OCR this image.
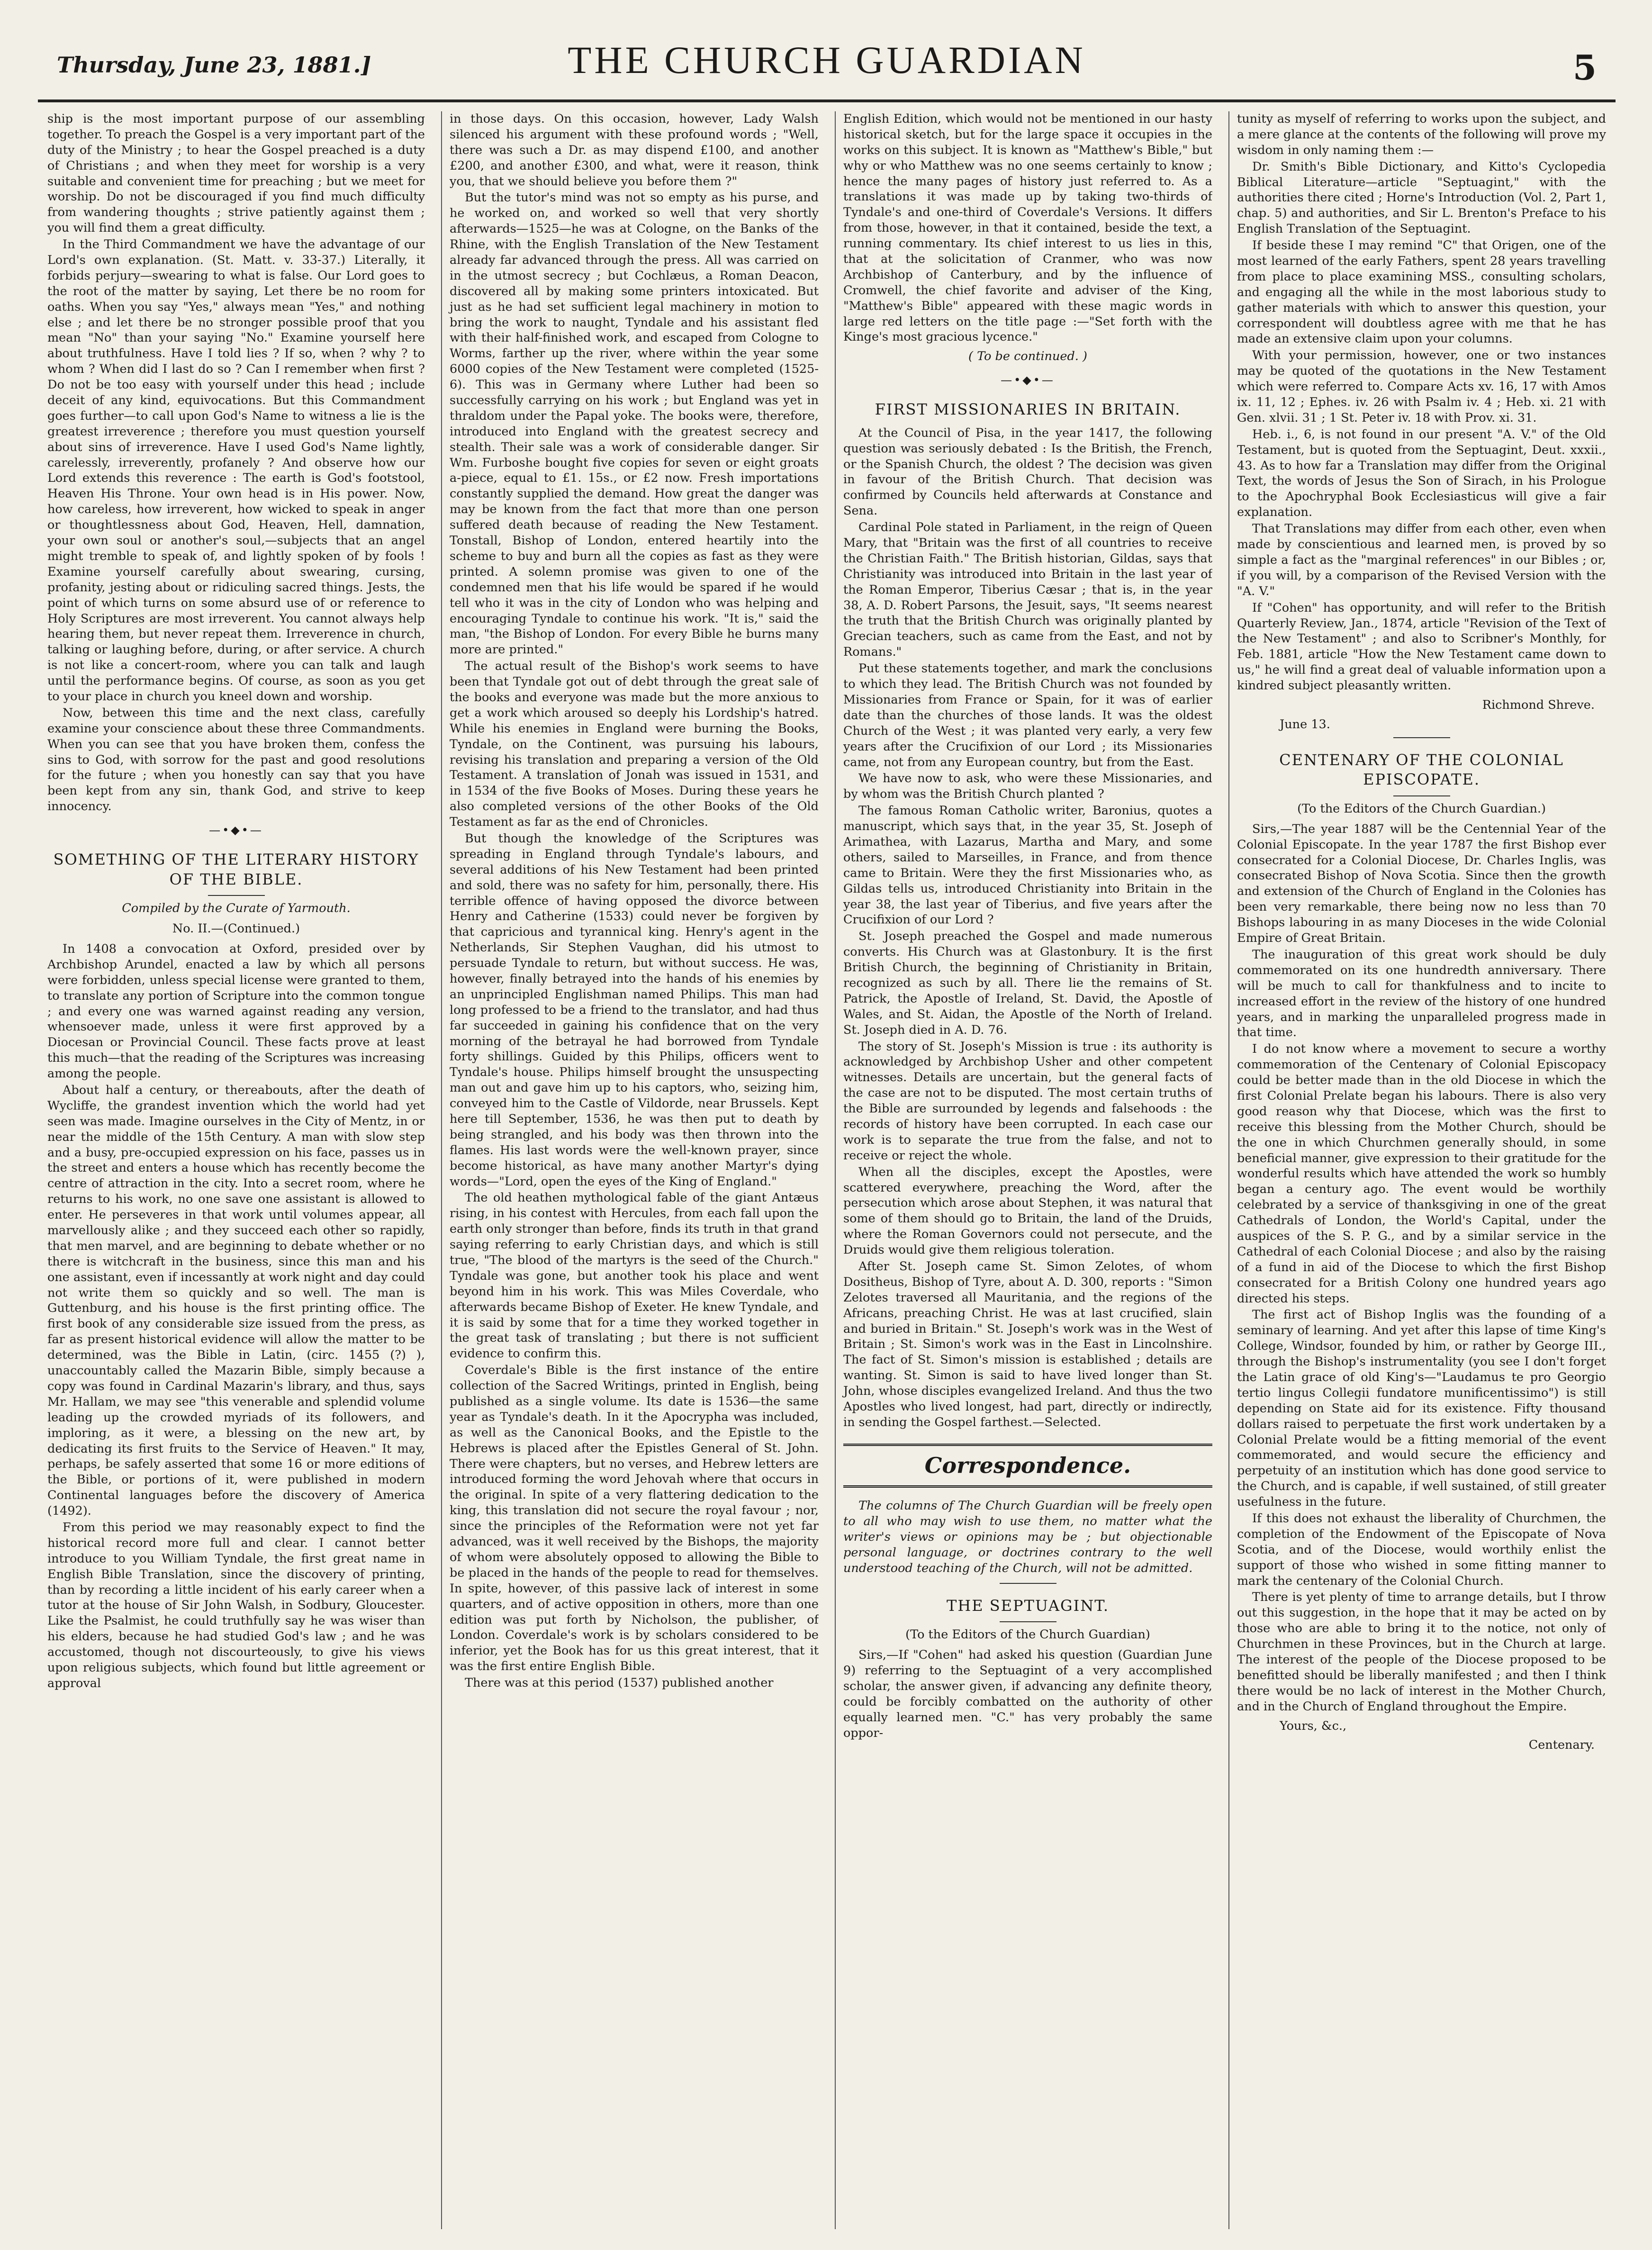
Thursday, June 23, 1881.]	THE CHURCH GUARDIAN	5

ship is the most important purpose of our assembling together. To preach the Gospel is a very important part of the duty of the Ministry ; to hear the Gospel preached is a duty of Christians ; and when they meet for worship is a very suitable and convenient time for preaching ; but we meet for worship. Do not be discouraged if you find much difficulty from wandering thoughts ; strive patiently against them ; you will find them a great difficulty.

In the Third Commandment we have the advantage of our Lord's own explanation. (St. Matt. v. 33-37.) Literally, it forbids perjury—swearing to what is false. Our Lord goes to the root of the matter by saying, Let there be no room for oaths. When you say "Yes," always mean "Yes," and nothing else ; and let there be no stronger possible proof that you mean "No" than your saying "No." Examine yourself here about truthfulness. Have I told lies ? If so, when ? why ? to whom ? When did I last do so ? Can I remember when first ? Do not be too easy with yourself under this head ; include deceit of any kind, equivocations. But this Commandment goes further—to call upon God's Name to witness a lie is the greatest irreverence ; therefore you must question yourself about sins of irreverence. Have I used God's Name lightly, carelessly, irreverently, profanely ? And observe how our Lord extends this reverence : The earth is God's footstool, Heaven His Throne. Your own head is in His power. Now, how careless, how irreverent, how wicked to speak in anger or thoughtlessness about God, Heaven, Hell, damnation, your own soul or another's soul,—subjects that an angel might tremble to speak of, and lightly spoken of by fools ! Examine yourself carefully about swearing, cursing, profanity, jesting about or ridiculing sacred things. Jests, the point of which turns on some absurd use of or reference to Holy Scriptures are most irreverent. You cannot always help hearing them, but never repeat them. Irreverence in church, talking or laughing before, during, or after service. A church is not like a concert-room, where you can talk and laugh until the performance begins. Of course, as soon as you get to your place in church you kneel down and worship.

Now, between this time and the next class, carefully examine your conscience about these three Commandments. When you can see that you have broken them, confess the sins to God, with sorrow for the past and good resolutions for the future ; when you honestly can say that you have been kept from any sin, thank God, and strive to keep innocency.

—•◆•—
SOMETHING OF THE LITERARY HISTORY OF THE BIBLE.
Compiled by the Curate of Yarmouth.
No. II.—(Continued.)

In 1408 a convocation at Oxford, presided over by Archbishop Arundel, enacted a law by which all persons were forbidden, unless special license were granted to them, to translate any portion of Scripture into the common tongue ; and every one was warned against reading any version, whensoever made, unless it were first approved by a Diocesan or Provincial Council. These facts prove at least this much—that the reading of the Scriptures was increasing among the people.

About half a century, or thereabouts, after the death of Wycliffe, the grandest invention which the world had yet seen was made. Imagine ourselves in the City of Mentz, in or near the middle of the 15th Century. A man with slow step and a busy, pre-occupied expression on his face, passes us in the street and enters a house which has recently become the centre of attraction in the city. Into a secret room, where he returns to his work, no one save one assistant is allowed to enter. He perseveres in that work until volumes appear, all marvellously alike ; and they succeed each other so rapidly, that men marvel, and are beginning to debate whether or no there is witchcraft in the business, since this man and his one assistant, even if incessantly at work night and day could not write them so quickly and so well. The man is Guttenburg, and his house is the first printing office. The first book of any considerable size issued from the press, as far as present historical evidence will allow the matter to be determined, was the Bible in Latin, (circ. 1455 (?) ), unaccountably called the Mazarin Bible, simply because a copy was found in Cardinal Mazarin's library, and thus, says Mr. Hallam, we may see "this venerable and splendid volume leading up the crowded myriads of its followers, and imploring, as it were, a blessing on the new art, by dedicating its first fruits to the Service of Heaven." It may, perhaps, be safely asserted that some 16 or more editions of the Bible, or portions of it, were published in modern Continental languages before the discovery of America (1492).

From this period we may reasonably expect to find the historical record more full and clear. I cannot better introduce to you William Tyndale, the first great name in English Bible Translation, since the discovery of printing, than by recording a little incident of his early career when a tutor at the house of Sir John Walsh, in Sodbury, Gloucester. Like the Psalmist, he could truthfully say he was wiser than his elders, because he had studied God's law ; and he was accustomed, though not discourteously, to give his views upon religious subjects, which found but little agreement or approval

in those days. On this occasion, however, Lady Walsh silenced his argument with these profound words ; "Well, there was such a Dr. as may dispend £100, and another £200, and another £300, and what, were it reason, think you, that we should believe you before them ?"

But the tutor's mind was not so empty as his purse, and he worked on, and worked so well that very shortly afterwards—1525—he was at Cologne, on the Banks of the Rhine, with the English Translation of the New Testament already far advanced through the press. All was carried on in the utmost secrecy ; but Cochlæus, a Roman Deacon, discovered all by making some printers intoxicated. But just as he had set sufficient legal machinery in motion to bring the work to naught, Tyndale and his assistant fled with their half-finished work, and escaped from Cologne to Worms, farther up the river, where within the year some 6000 copies of the New Testament were completed (1525-6). This was in Germany where Luther had been so successfully carrying on his work ; but England was yet in thraldom under the Papal yoke. The books were, therefore, introduced into England with the greatest secrecy and stealth. Their sale was a work of considerable danger. Sir Wm. Furboshe bought five copies for seven or eight groats a-piece, equal to £1. 15s., or £2 now. Fresh importations constantly supplied the demand. How great the danger was may be known from the fact that more than one person suffered death because of reading the New Testament. Tonstall, Bishop of London, entered heartily into the scheme to buy and burn all the copies as fast as they were printed. A solemn promise was given to one of the condemned men that his life would be spared if he would tell who it was in the city of London who was helping and encouraging Tyndale to continue his work. "It is," said the man, "the Bishop of London. For every Bible he burns many more are printed."

The actual result of the Bishop's work seems to have been that Tyndale got out of debt through the great sale of the books and everyone was made but the more anxious to get a work which aroused so deeply his Lordship's hatred. While his enemies in England were burning the Books, Tyndale, on the Continent, was pursuing his labours, revising his translation and preparing a version of the Old Testament. A translation of Jonah was issued in 1531, and in 1534 of the five Books of Moses. During these years he also completed versions of the other Books of the Old Testament as far as the end of Chronicles.

But though the knowledge of the Scriptures was spreading in England through Tyndale's labours, and several additions of his New Testament had been printed and sold, there was no safety for him, personally, there. His terrible offence of having opposed the divorce between Henry and Catherine (1533) could never be forgiven by that capricious and tyrannical king. Henry's agent in the Netherlands, Sir Stephen Vaughan, did his utmost to persuade Tyndale to return, but without success. He was, however, finally betrayed into the hands of his enemies by an unprincipled Englishman named Philips. This man had long professed to be a friend to the translator, and had thus far succeeded in gaining his confidence that on the very morning of the betrayal he had borrowed from Tyndale forty shillings. Guided by this Philips, officers went to Tyndale's house. Philips himself brought the unsuspecting man out and gave him up to his captors, who, seizing him, conveyed him to the Castle of Vildorde, near Brussels. Kept here till September, 1536, he was then put to death by being strangled, and his body was then thrown into the flames. His last words were the well-known prayer, since become historical, as have many another Martyr's dying words—"Lord, open the eyes of the King of England."

The old heathen mythological fable of the giant Antæus rising, in his contest with Hercules, from each fall upon the earth only stronger than before, finds its truth in that grand saying referring to early Christian days, and which is still true, "The blood of the martyrs is the seed of the Church." Tyndale was gone, but another took his place and went beyond him in his work. This was Miles Coverdale, who afterwards became Bishop of Exeter. He knew Tyndale, and it is said by some that for a time they worked together in the great task of translating ; but there is not sufficient evidence to confirm this.

Coverdale's Bible is the first instance of the entire collection of the Sacred Writings, printed in English, being published as a single volume. Its date is 1536—the same year as Tyndale's death. In it the Apocrypha was included, as well as the Canonical Books, and the Epistle to the Hebrews is placed after the Epistles General of St. John. There were chapters, but no verses, and Hebrew letters are introduced forming the word Jehovah where that occurs in the original. In spite of a very flattering dedication to the king, this translation did not secure the royal favour ; nor, since the principles of the Reformation were not yet far advanced, was it well received by the Bishops, the majority of whom were absolutely opposed to allowing the Bible to be placed in the hands of the people to read for themselves. In spite, however, of this passive lack of interest in some quarters, and of active opposition in others, more than one edition was put forth by Nicholson, the publisher, of London. Coverdale's work is by scholars considered to be inferior, yet the Book has for us this great interest, that it was the first entire English Bible.

There was at this period (1537) published another

English Edition, which would not be mentioned in our hasty historical sketch, but for the large space it occupies in the works on this subject. It is known as "Matthew's Bible," but why or who Matthew was no one seems certainly to know ; hence the many pages of history just referred to. As a translations it was made up by taking two-thirds of Tyndale's and one-third of Coverdale's Versions. It differs from those, however, in that it contained, beside the text, a running commentary. Its chief interest to us lies in this, that at the solicitation of Cranmer, who was now Archbishop of Canterbury, and by the influence of Cromwell, the chief favorite and adviser of the King, "Matthew's Bible" appeared with these magic words in large red letters on the title page :—"Set forth with the Kinge's most gracious lycence."

( To be continued. )
—•◆•—
FIRST MISSIONARIES IN BRITAIN.

At the Council of Pisa, in the year 1417, the following question was seriously debated : Is the British, the French, or the Spanish Church, the oldest ? The decision was given in favour of the British Church. That decision was confirmed by Councils held afterwards at Constance and Sena.

Cardinal Pole stated in Parliament, in the reign of Queen Mary, that "Britain was the first of all countries to receive the Christian Faith." The British historian, Gildas, says that Christianity was introduced into Britain in the last year of the Roman Emperor, Tiberius Cæsar ; that is, in the year 38, A. D. Robert Parsons, the Jesuit, says, "It seems nearest the truth that the British Church was originally planted by Grecian teachers, such as came from the East, and not by Romans."

Put these statements together, and mark the conclusions to which they lead. The British Church was not founded by Missionaries from France or Spain, for it was of earlier date than the churches of those lands. It was the oldest Church of the West ; it was planted very early, a very few years after the Crucifixion of our Lord ; its Missionaries came, not from any European country, but from the East.

We have now to ask, who were these Missionaries, and by whom was the British Church planted ?

The famous Roman Catholic writer, Baronius, quotes a manuscript, which says that, in the year 35, St. Joseph of Arimathea, with Lazarus, Martha and Mary, and some others, sailed to Marseilles, in France, and from thence came to Britain. Were they the first Missionaries who, as Gildas tells us, introduced Christianity into Britain in the year 38, the last year of Tiberius, and five years after the Crucifixion of our Lord ?

St. Joseph preached the Gospel and made numerous converts. His Church was at Glastonbury. It is the first British Church, the beginning of Christianity in Britain, recognized as such by all. There lie the remains of St. Patrick, the Apostle of Ireland, St. David, the Apostle of Wales, and St. Aidan, the Apostle of the North of Ireland. St. Joseph died in A. D. 76.

The story of St. Joseph's Mission is true : its authority is acknowledged by Archbishop Usher and other competent witnesses. Details are uncertain, but the general facts of the case are not to be disputed. The most certain truths of the Bible are surrounded by legends and falsehoods : the records of history have been corrupted. In each case our work is to separate the true from the false, and not to receive or reject the whole.

When all the disciples, except the Apostles, were scattered everywhere, preaching the Word, after the persecution which arose about Stephen, it was natural that some of them should go to Britain, the land of the Druids, where the Roman Governors could not persecute, and the Druids would give them religious toleration.

After St. Joseph came St. Simon Zelotes, of whom Dositheus, Bishop of Tyre, about A. D. 300, reports : "Simon Zelotes traversed all Mauritania, and the regions of the Africans, preaching Christ. He was at last crucified, slain and buried in Britain." St. Joseph's work was in the West of Britain ; St. Simon's work was in the East in Lincolnshire. The fact of St. Simon's mission is established ; details are wanting. St. Simon is said to have lived longer than St. John, whose disciples evangelized Ireland. And thus the two Apostles who lived longest, had part, directly or indirectly, in sending the Gospel farthest.—Selected.

Correspondence.
The columns of The Church Guardian will be freely open to all who may wish to use them, no matter what the writer's views or opinions may be ; but objectionable personal language, or doctrines contrary to the well understood teaching of the Church, will not be admitted.
THE SEPTUAGINT.
(To the Editors of the Church Guardian)

Sirs,—If "Cohen" had asked his question (Guardian June 9) referring to the Septuagint of a very accomplished scholar, the answer given, if advancing any definite theory, could be forcibly combatted on the authority of other equally learned men. "C." has very probably the same oppor-

tunity as myself of referring to works upon the subject, and a mere glance at the contents of the following will prove my wisdom in only naming them :—

Dr. Smith's Bible Dictionary, and Kitto's Cyclopedia Biblical Literature—article "Septuagint," with the authorities there cited ; Horne's Introduction (Vol. 2, Part 1, chap. 5) and authorities, and Sir L. Brenton's Preface to his English Translation of the Septuagint.

If beside these I may remind "C" that Origen, one of the most learned of the early Fathers, spent 28 years travelling from place to place examining MSS., consulting scholars, and engaging all the while in the most laborious study to gather materials with which to answer this question, your correspondent will doubtless agree with me that he has made an extensive claim upon your columns.

With your permission, however, one or two instances may be quoted of the quotations in the New Testament which were referred to. Compare Acts xv. 16, 17 with Amos ix. 11, 12 ; Ephes. iv. 26 with Psalm iv. 4 ; Heb. xi. 21 with Gen. xlvii. 31 ; 1 St. Peter iv. 18 with Prov. xi. 31.

Heb. i., 6, is not found in our present "A. V." of the Old Testament, but is quoted from the Septuagint, Deut. xxxii., 43. As to how far a Translation may differ from the Original Text, the words of Jesus the Son of Sirach, in his Prologue to the Apochryphal Book Ecclesiasticus will give a fair explanation.

That Translations may differ from each other, even when made by conscientious and learned men, is proved by so simple a fact as the "marginal references" in our Bibles ; or, if you will, by a comparison of the Revised Version with the "A. V."

If "Cohen" has opportunity, and will refer to the British Quarterly Review, Jan., 1874, article "Revision of the Text of the New Testament" ; and also to Scribner's Monthly, for Feb. 1881, article "How the New Testament came down to us," he will find a great deal of valuable information upon a kindred subject pleasantly written.

Richmond Shreve.
June 13.
CENTENARY OF THE COLONIAL EPISCOPATE.
(To the Editors of the Church Guardian.)

Sirs,—The year 1887 will be the Centennial Year of the Colonial Episcopate. In the year 1787 the first Bishop ever consecrated for a Colonial Diocese, Dr. Charles Inglis, was consecrated Bishop of Nova Scotia. Since then the growth and extension of the Church of England in the Colonies has been very remarkable, there being now no less than 70 Bishops labouring in as many Dioceses in the wide Colonial Empire of Great Britain.

The inauguration of this great work should be duly commemorated on its one hundredth anniversary. There will be much to call for thankfulness and to incite to increased effort in the review of the history of one hundred years, and in marking the unparalleled progress made in that time.

I do not know where a movement to secure a worthy commemoration of the Centenary of Colonial Episcopacy could be better made than in the old Diocese in which the first Colonial Prelate began his labours. There is also very good reason why that Diocese, which was the first to receive this blessing from the Mother Church, should be the one in which Churchmen generally should, in some beneficial manner, give expression to their gratitude for the wonderful results which have attended the work so humbly began a century ago. The event would be worthily celebrated by a service of thanksgiving in one of the great Cathedrals of London, the World's Capital, under the auspices of the S. P. G., and by a similar service in the Cathedral of each Colonial Diocese ; and also by the raising of a fund in aid of the Diocese to which the first Bishop consecrated for a British Colony one hundred years ago directed his steps.

The first act of Bishop Inglis was the founding of a seminary of learning. And yet after this lapse of time King's College, Windsor, founded by him, or rather by George III., through the Bishop's instrumentality (you see I don't forget the Latin grace of old King's—"Laudamus te pro Georgio tertio lingus Collegii fundatore munificentissimo") is still depending on State aid for its existence. Fifty thousand dollars raised to perpetuate the first work undertaken by a Colonial Prelate would be a fitting memorial of the event commemorated, and would secure the efficiency and perpetuity of an institution which has done good service to the Church, and is capable, if well sustained, of still greater usefulness in the future.

If this does not exhaust the liberality of Churchmen, the completion of the Endowment of the Episcopate of Nova Scotia, and of the Diocese, would worthily enlist the support of those who wished in some fitting manner to mark the centenary of the Colonial Church.

There is yet plenty of time to arrange details, but I throw out this suggestion, in the hope that it may be acted on by those who are able to bring it to the notice, not only of Churchmen in these Provinces, but in the Church at large. The interest of the people of the Diocese proposed to be benefitted should be liberally manifested ; and then I think there would be no lack of interest in the Mother Church, and in the Church of England throughout the Empire.

Yours, &c.,
Centenary.
